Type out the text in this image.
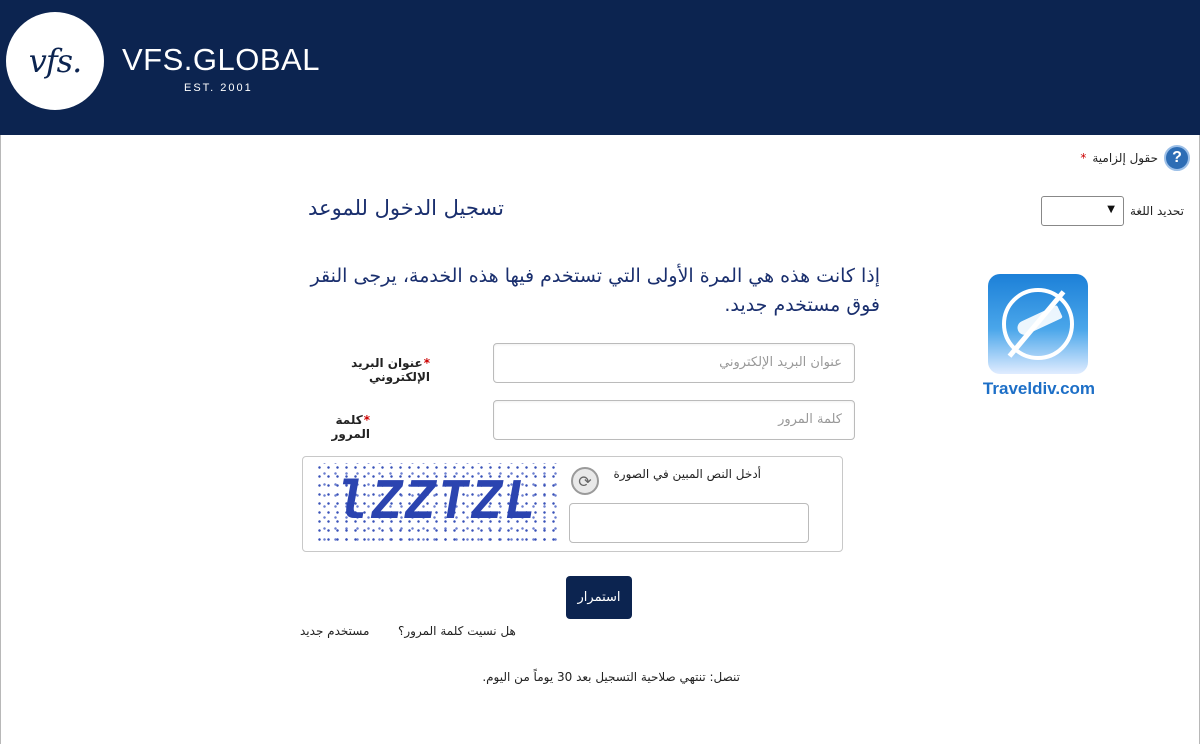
vfs. VFS.GLOBAL
EST. 2001
?
حقول إلزامية
*
تحديد اللغة
▼
تسجيل الدخول للموعد
إذا كانت هذه هي المرة الأولى التي تستخدم فيها هذه الخدمة، يرجى النقر فوق مستخدم جديد.
Traveldiv.com
*عنوان البريد الإلكتروني
عنوان البريد الإلكتروني
*كلمة المرور
كلمة المرور
lZZTZL	⟳	أدخل النص المبين في الصورة
استمرار
مستخدم جديد هل نسيت كلمة المرور؟
تنصل: تنتهي صلاحية التسجيل بعد 30 يوماً من اليوم.
